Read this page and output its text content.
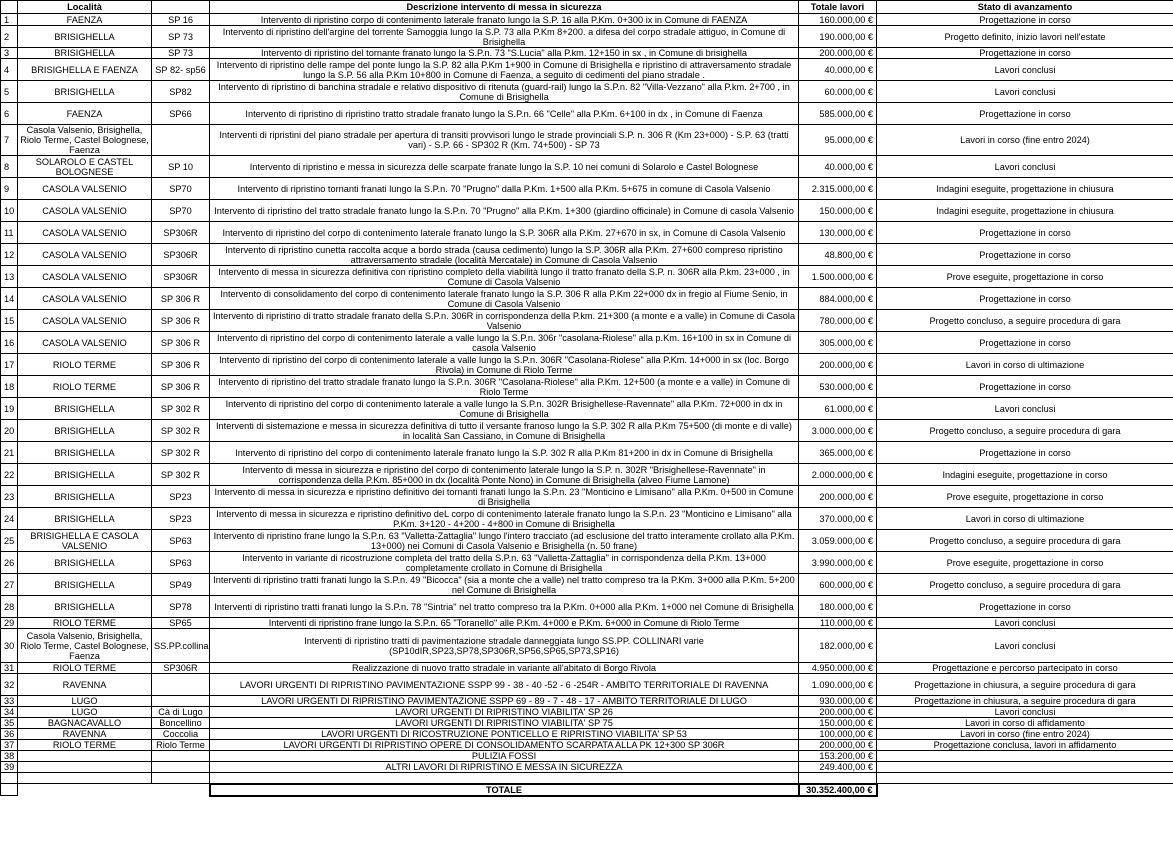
	Località		Descrizione intervento di messa in sicurezza	Totale lavori	Stato di avanzamento
1	FAENZA	SP 16	Intervento di ripristino corpo di contenimento laterale franato lungo la S.P. 16 alla P.Km. 0+300 ix in Comune di FAENZA	160.000,00 €	Progettazione in corso
2	BRISIGHELLA	SP 73	Intervento di ripristino dell'argine del torrente Samoggia lungo la S.P. 73 alla P.Km 8+200. a difesa del corpo stradale attiguo, in Comune di Brisighella	190.000,00 €	Progetto definito, inizio lavori nell'estate
3	BRISIGHELLA	SP 73	Intervento di ripristino del tornante franato lungo la S.P.n. 73 "S.Lucia" alla P.km. 12+150 in sx , in Comune di brisighella	200.000,00 €	Progettazione in corso
4	BRISIGHELLA E FAENZA	SP 82- sp56	Intervento di ripristino delle rampe del ponte lungo la S.P. 82 alla P.Km 1+900 in Comune di Brisighella e ripristino di attraversamento stradale lungo la S.P. 56 alla P.Km 10+800 in Comune di Faenza, a seguito di cedimenti del piano stradale .	40.000,00 €	Lavori conclusi
5	BRISIGHELLA	SP82	Intervento di ripristino di banchina stradale e relativo dispositivo di ritenuta (guard-rail) lungo la S.P.n. 82 "Villa-Vezzano" alla P.km. 2+700 , in Comune di Brisighella	60.000,00 €	Lavori conclusi
6	FAENZA	SP66	Intervento di ripristino di ripristino tratto stradale franato lungo la S.P.n. 66 "Celle" alla P.Km. 6+100 in dx , in Comune di Faenza	585.000,00 €	Progettazione in corso
7	Casola Valsenio, Brisighella, Riolo Terme, Castel Bolognese, Faenza		Interventi di ripristini del piano stradale per apertura di transiti provvisori lungo le strade provinciali S.P. n. 306 R (Km 23+000) - S.P. 63 (tratti vari) - S.P. 66 - SP302 R (Km. 74+500) - SP 73	95.000,00 €	Lavori in corso (fine entro 2024)
8	SOLAROLO E CASTEL BOLOGNESE	SP 10	Intervento di ripristino e messa in sicurezza delle scarpate franate lungo la S.P. 10 nei comuni di Solarolo e Castel Bolognese	40.000,00 €	Lavori conclusi
9	CASOLA VALSENIO	SP70	Intervento di ripristino tornanti franati lungo la S.P.n. 70 "Prugno" dalla P.Km. 1+500 alla P.Km. 5+675 in comune di Casola Valsenio	2.315.000,00 €	Indagini eseguite, progettazione in chiusura
10	CASOLA VALSENIO	SP70	Intervento di ripristino del tratto stradale franato lungo la S.P.n. 70 "Prugno" alla P.Km. 1+300 (giardino officinale) in Comune di casola Valsenio	150.000,00 €	Indagini eseguite, progettazione in chiusura
11	CASOLA VALSENIO	SP306R	Intervento di ripristino del corpo di contenimento laterale franato lungo la S.P. 306R alla P.Km. 27+670 in sx, in Comune di Casola Valsenio	130.000,00 €	Progettazione in corso
12	CASOLA VALSENIO	SP306R	Intervento di ripristino cunetta raccolta acque a bordo strada (causa cedimento) lungo la S.P. 306R alla P.Km. 27+600 compreso ripristino attraversamento stradale (località Mercatale) in Comune di Casola Valsenio	48.800,00 €	Progettazione in corso
13	CASOLA VALSENIO	SP306R	Intervento di messa in sicurezza definitiva con ripristino completo della viabilità lungo il tratto franato della S.P. n. 306R alla P.km. 23+000 , in Comune di Casola Valsenio	1.500.000,00 €	Prove eseguite, progettazione in corso
14	CASOLA VALSENIO	SP 306 R	Intervento di consolidamento del corpo di contenimento laterale franato lungo la S.P. 306 R alla P.Km 22+000 dx in fregio al Fiume Senio, in Comune di Casola Valsenio	884.000,00 €	Progettazione in corso
15	CASOLA VALSENIO	SP 306 R	Intervento di ripristino di tratto stradale franato della S.P.n. 306R in corrispondenza della P.km. 21+300 (a monte e a valle) in Comune di Casola Valsenio	780.000,00 €	Progetto concluso, a seguire procedura di gara
16	CASOLA VALSENIO	SP 306 R	Intervento di ripristino del corpo di contenimento laterale a valle lungo la S.P.n. 306r "casolana-Riolese" alla p.Km. 16+100 in sx in Comune di casola Valsenio	305.000,00 €	Progettazione in corso
17	RIOLO TERME	SP 306 R	Intervento di ripristino del corpo di contenimento laterale a valle lungo la S.P.n. 306R "Casolana-Riolese" alla P.Km. 14+000 in sx (loc. Borgo Rivola) in Comune di Riolo Terme	200.000,00 €	Lavori in corso di ultimazione
18	RIOLO TERME	SP 306 R	Intervento di ripristino del tratto stradale franato lungo la S.P.n. 306R "Casolana-Riolese" alla P.Km. 12+500 (a monte e a valle) in Comune di Riolo Terme	530.000,00 €	Progettazione in corso
19	BRISIGHELLA	SP 302 R	Intervento di ripristino del corpo di contenimento laterale a valle lungo la S.P.n. 302R Brisighellese-Ravennate" alla P.Km. 72+000 in dx in Comune di Brisighella	61.000,00 €	Lavori conclusi
20	BRISIGHELLA	SP 302 R	Interventi di sistemazione e messa in sicurezza definitiva di tutto il versante franoso lungo la S.P. 302 R alla P.Km 75+500 (di monte e di valle) in località San Cassiano, in Comune di Brisighella	3.000.000,00 €	Progetto concluso, a seguire procedura di gara
21	BRISIGHELLA	SP 302 R	Intervento di ripristino del corpo di contenimento laterale franato lungo la S.P. 302 R alla P.Km 81+200 in dx in Comune di Brisighella	365.000,00 €	Progettazione in corso
22	BRISIGHELLA	SP 302 R	Intervento di messa in sicurezza e ripristino del corpo di contenimento laterale lungo la S.P. n. 302R "Brisighellese-Ravennate" in corrispondenza della P.Km. 85+000 in dx (località Ponte Nono) in Comune di Brisighella (alveo Fiume Lamone)	2.000.000,00 €	Indagini eseguite, progettazione in corso
23	BRISIGHELLA	SP23	Intervento di messa in sicurezza e ripristino definitivo dei tornanti franati lungo la S.P.n. 23 "Monticino e Limisano" alla P.Km. 0+500 in Comune di Brisighella	200.000,00 €	Prove eseguite, progettazione in corso
24	BRISIGHELLA	SP23	Intervento di messa in sicurezza e ripristino definitivo deL corpo di contenimento laterale franato lungo la S.P.n. 23 "Monticino e Limisano" alla P.Km. 3+120 - 4+200 - 4+800 in Comune di Brisighella	370.000,00 €	Lavori in corso di ultimazione
25	BRISIGHELLA E CASOLA VALSENIO	SP63	Intervento di ripristino frane lungo la S.P.n. 63 "Valletta-Zattaglia" lungo l'intero tracciato (ad esclusione del tratto interamente crollato alla P.Km. 13+000) nei Comuni di Casola Valsenio e Brisighella (n. 50 frane)	3.059.000,00 €	Progetto concluso, a seguire procedura di gara
26	BRISIGHELLA	SP63	Intervento in variante di ricostruzione completa del tratto della S.P.n. 63 "Valletta-Zattaglia" in corrispondenza della P.Km. 13+000 completamente crollato in Comune di Brisighella	3.990.000,00 €	Prove eseguite, progettazione in corso
27	BRISIGHELLA	SP49	Interventi di ripristino tratti franati lungo la S.P.n. 49 "Bicocca" (sia a monte che a valle) nel tratto compreso tra la P.Km. 3+000 alla P.Km. 5+200 nel Comune di Brisighella	600.000,00 €	Progetto concluso, a seguire procedura di gara
28	BRISIGHELLA	SP78	Interventi di ripristino tratti franati lungo la S.P.n. 78 "Sintria" nel tratto compreso tra la P.Km. 0+000 alla P.Km. 1+000 nel Comune di Brisighella	180.000,00 €	Progettazione in corso
29	RIOLO TERME	SP65	Interventi di ripristino frane lungo la S.P.n. 65 "Toranello" alle P.Km. 4+000 e P.Km. 6+000 in Comune di Riolo Terme	110.000,00 €	Lavori conclusi
30	Casola Valsenio, Brisighella, Riolo Terme, Castel Bolognese, Faenza	SS.PP.collina	Interventi di ripristino tratti di pavimentazione stradale danneggiata lungo SS.PP. COLLINARI varie (SP10dIR,SP23,SP78,SP306R,SP56,SP65,SP73,SP16)	182.000,00 €	Lavori conclusi
31	RIOLO TERME	SP306R	Realizzazione di nuovo tratto stradale in variante all'abitato di Borgo Rivola	4.950.000,00 €	Progettazione e percorso partecipato in corso
32	RAVENNA		LAVORI URGENTI DI RIPRISTINO PAVIMENTAZIONE SSPP 99 - 38 - 40 -52 - 6 -254R - AMBITO TERRITORIALE DI RAVENNA	1.090.000,00 €	Progettazione in chiusura, a seguire procedura di gara
33	LUGO		LAVORI URGENTI DI RIPRISTINO PAVIMENTAZIONE SSPP 69 - 89 - 7 - 48 - 17 - AMBITO TERRITORIALE DI LUGO	930.000,00 €	Progettazione in chiusura, a seguire procedura di gara
34	LUGO	Cà di Lugo	LAVORI URGENTI DI RIPRISTINO VIABILITA' SP 26	200.000,00 €	Lavori conclusi
35	BAGNACAVALLO	Boncellino	LAVORI URGENTI DI RIPRISTINO VIABILITA' SP 75	150.000,00 €	Lavori in corso di affidamento
36	RAVENNA	Coccolia	LAVORI URGENTI DI RICOSTRUZIONE PONTICELLO E RIPRISTINO VIABILITA' SP 53	100.000,00 €	Lavori in corso (fine entro 2024)
37	RIOLO TERME	Riolo Terme	LAVORI URGENTI DI RIPRISTINO OPERE DI CONSOLIDAMENTO SCARPATA ALLA PK 12+300 SP 306R	200.000,00 €	Progettazione conclusa, lavori in affidamento
38			PULIZIA FOSSI	153.200,00 €	
39			ALTRI LAVORI DI RIPRISTINO E MESSA IN SICUREZZA	249.400,00 €	

			TOTALE	30.352.400,00 €	
